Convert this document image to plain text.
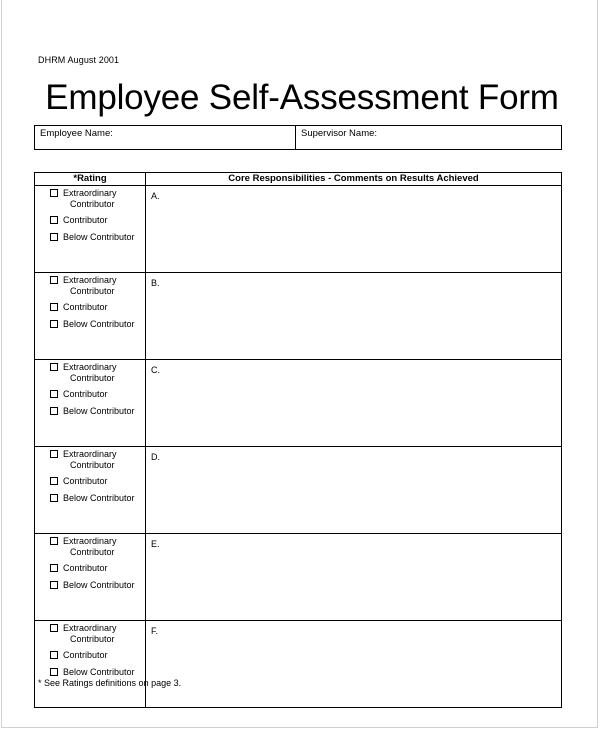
DHRM August 2001
Employee Self-Assessment Form
Employee Name:	Supervisor Name:
*Rating	Core Responsibilities - Comments on Results Achieved

Extraordinary
Contributor
Contributor
Below Contributor	A.

Extraordinary
Contributor
Contributor
Below Contributor	B.

Extraordinary
Contributor
Contributor
Below Contributor	C.

Extraordinary
Contributor
Contributor
Below Contributor	D.

Extraordinary
Contributor
Contributor
Below Contributor	E.

Extraordinary
Contributor
Contributor
Below Contributor	F.
* See Ratings definitions on page 3.
